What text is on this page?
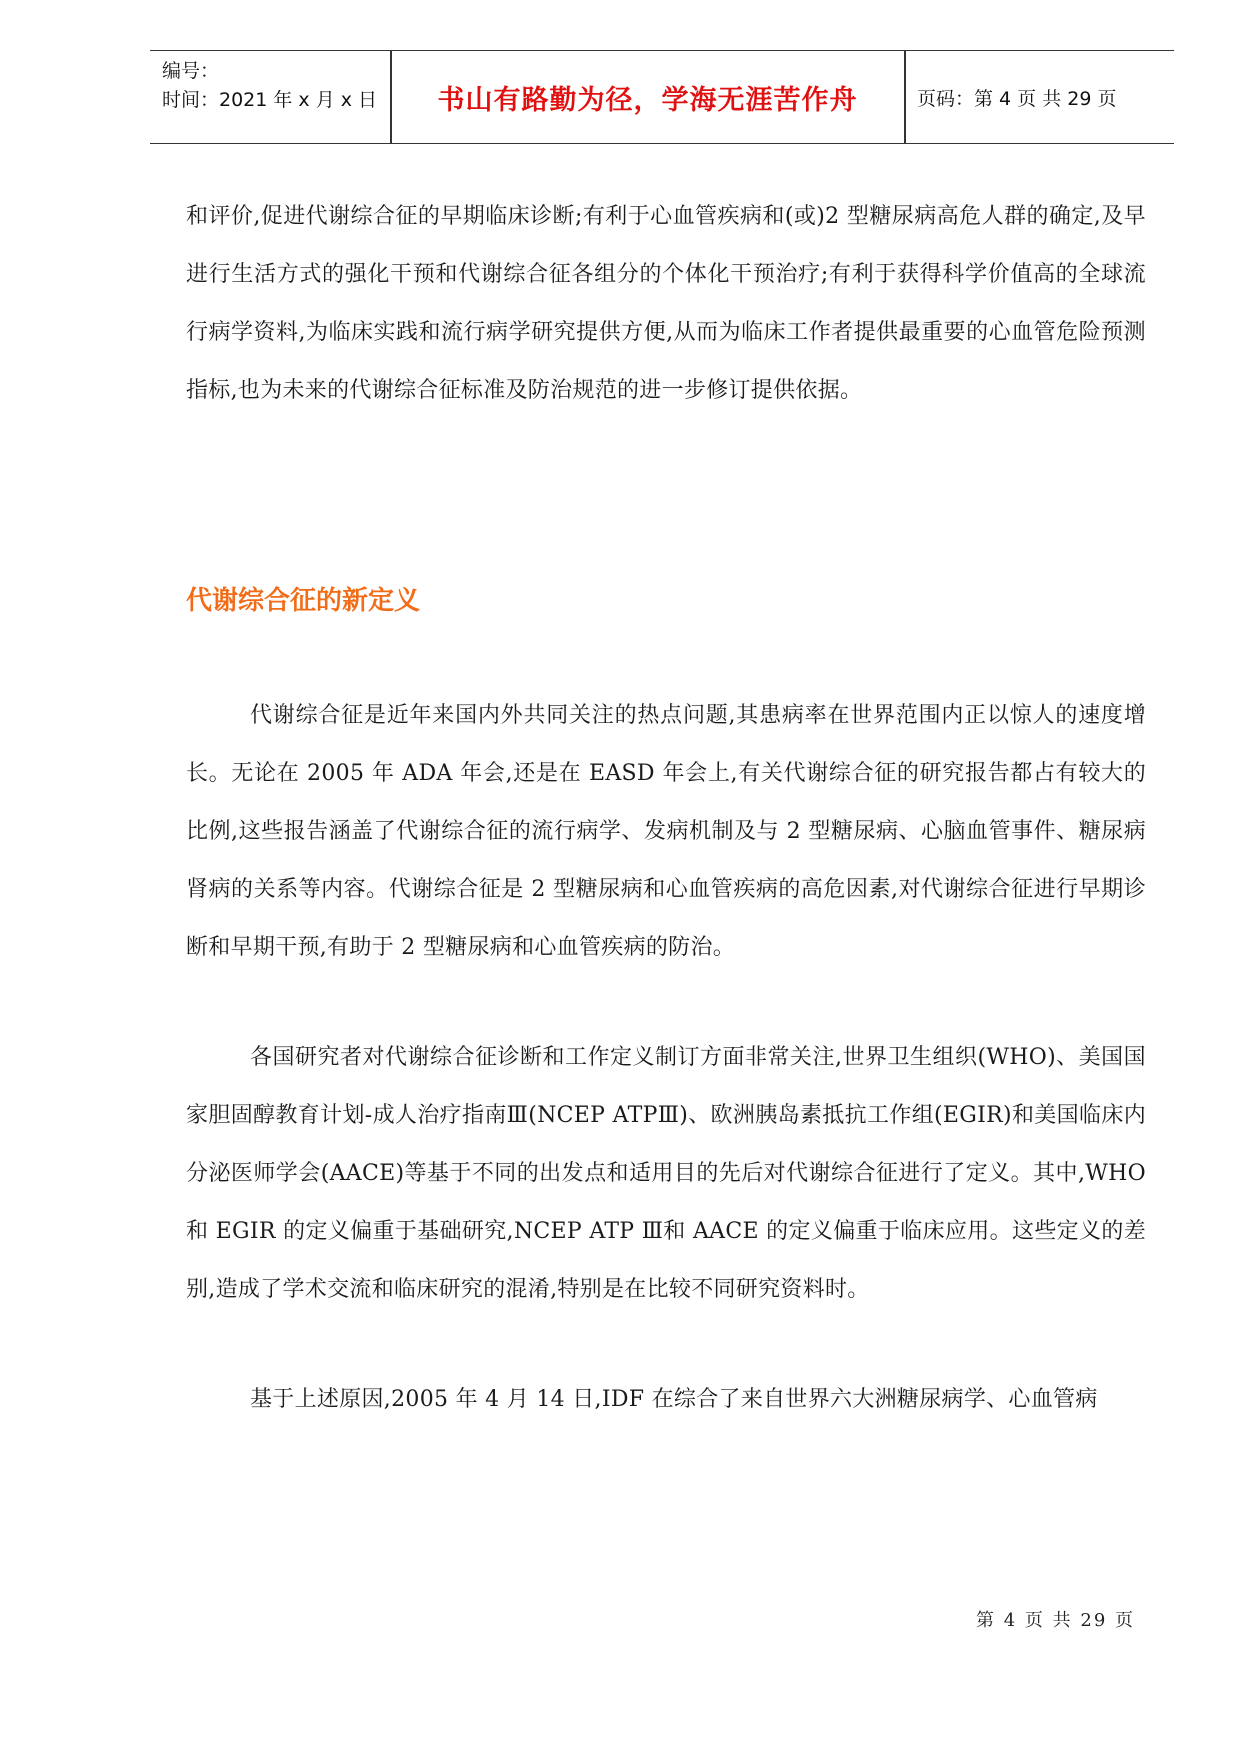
编号：
时间：2021 年 x 月 x 日	书山有路勤为径，学海无涯苦作舟	页码：第 4 页 共 29 页

和评价,促进代谢综合征的早期临床诊断;有利于心血管疾病和(或)2 型糖尿病高危人群的确定,及早进行生活方式的强化干预和代谢综合征各组分的个体化干预治疗;有利于获得科学价值高的全球流行病学资料,为临床实践和流行病学研究提供方便,从而为临床工作者提供最重要的心血管危险预测指标,也为未来的代谢综合征标准及防治规范的进一步修订提供依据。

代谢综合征的新定义

代谢综合征是近年来国内外共同关注的热点问题,其患病率在世界范围内正以惊人的速度增长。无论在 2005 年 ADA 年会,还是在 EASD 年会上,有关代谢综合征的研究报告都占有较大的比例,这些报告涵盖了代谢综合征的流行病学、发病机制及与 2 型糖尿病、心脑血管事件、糖尿病肾病的关系等内容。代谢综合征是 2 型糖尿病和心血管疾病的高危因素,对代谢综合征进行早期诊断和早期干预,有助于 2 型糖尿病和心血管疾病的防治。

各国研究者对代谢综合征诊断和工作定义制订方面非常关注,世界卫生组织(WHO)、美国国家胆固醇教育计划-成人治疗指南Ⅲ(NCEP ATPⅢ)、欧洲胰岛素抵抗工作组(EGIR)和美国临床内分泌医师学会(AACE)等基于不同的出发点和适用目的先后对代谢综合征进行了定义。其中,WHO 和 EGIR 的定义偏重于基础研究,NCEP ATP Ⅲ和 AACE 的定义偏重于临床应用。这些定义的差别,造成了学术交流和临床研究的混淆,特别是在比较不同研究资料时。

基于上述原因,2005 年 4 月 14 日,IDF 在综合了来自世界六大洲糖尿病学、心血管病

第 4 页 共 29 页
